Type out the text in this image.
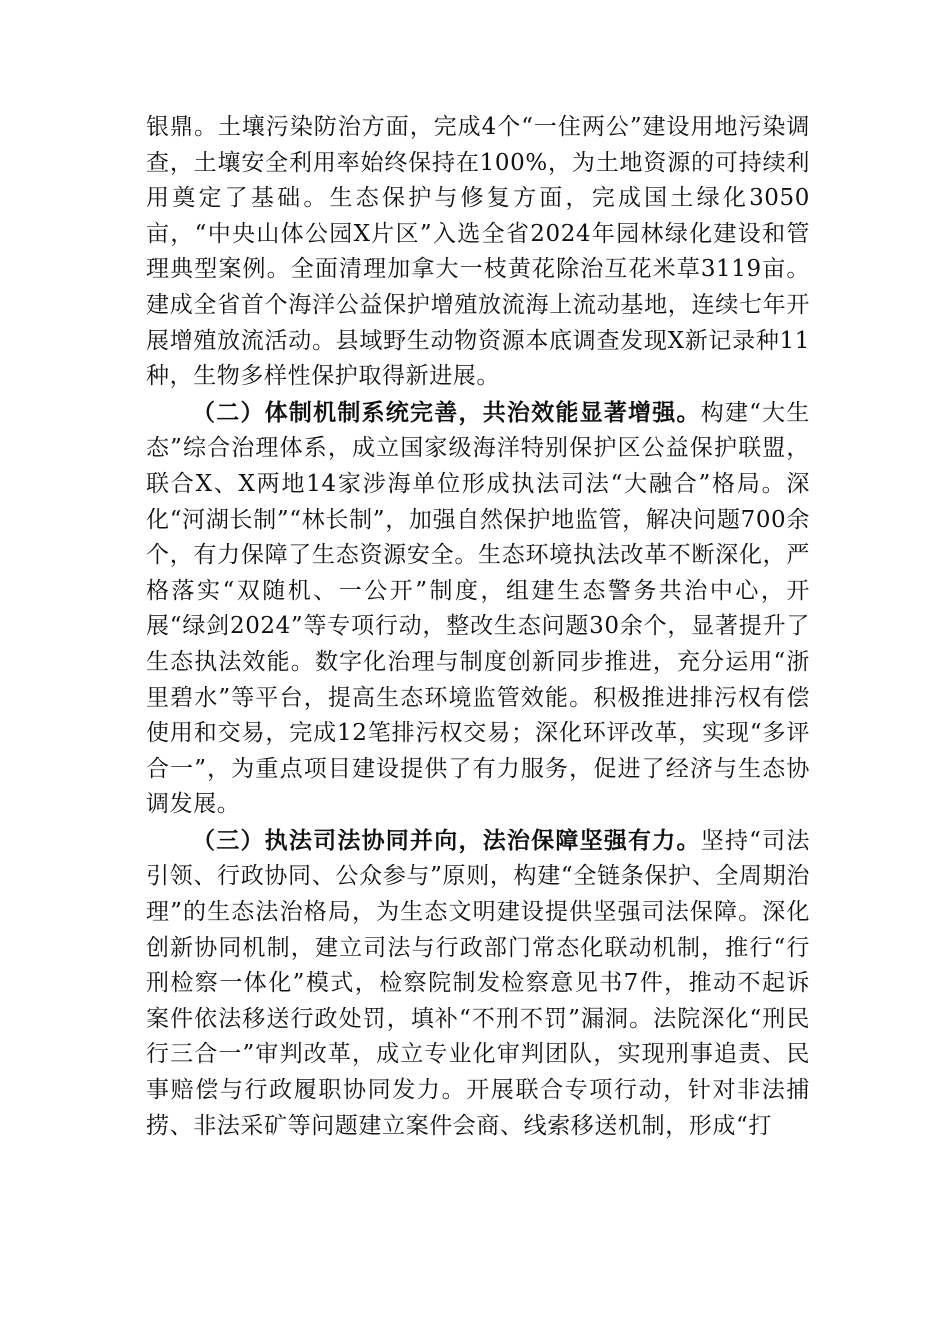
银鼎。土壤污染防治方面，完成4个“一住两公”建设用地污染调查，土壤安全利用率始终保持在100%，为土地资源的可持续利用奠定了基础。生态保护与修复方面，完成国土绿化3050亩，“中央山体公园X片区”入选全省2024年园林绿化建设和管理典型案例。全面清理加拿大一枝黄花除治互花米草3119亩。建成全省首个海洋公益保护增殖放流海上流动基地，连续七年开展增殖放流活动。县域野生动物资源本底调查发现X新记录种11种，生物多样性保护取得新进展。

（二）体制机制系统完善，共治效能显著增强。构建“大生态”综合治理体系，成立国家级海洋特别保护区公益保护联盟，联合X、X两地14家涉海单位形成执法司法“大融合”格局。深化“河湖长制”“林长制”，加强自然保护地监管，解决问题700余个，有力保障了生态资源安全。生态环境执法改革不断深化，严格落实“双随机、一公开”制度，组建生态警务共治中心，开展“绿剑2024”等专项行动，整改生态问题30余个，显著提升了生态执法效能。数字化治理与制度创新同步推进，充分运用“浙里碧水”等平台，提高生态环境监管效能。积极推进排污权有偿使用和交易，完成12笔排污权交易；深化环评改革，实现“多评合一”，为重点项目建设提供了有力服务，促进了经济与生态协调发展。

（三）执法司法协同并向，法治保障坚强有力。坚持“司法引领、行政协同、公众参与”原则，构建“全链条保护、全周期治理”的生态法治格局，为生态文明建设提供坚强司法保障。深化创新协同机制，建立司法与行政部门常态化联动机制，推行“行刑检察一体化”模式，检察院制发检察意见书7件，推动不起诉案件依法移送行政处罚，填补“不刑不罚”漏洞。法院深化“刑民行三合一”审判改革，成立专业化审判团队，实现刑事追责、民事赔偿与行政履职协同发力。开展联合专项行动，针对非法捕捞、非法采矿等问题建立案件会商、线索移送机制，形成“打
